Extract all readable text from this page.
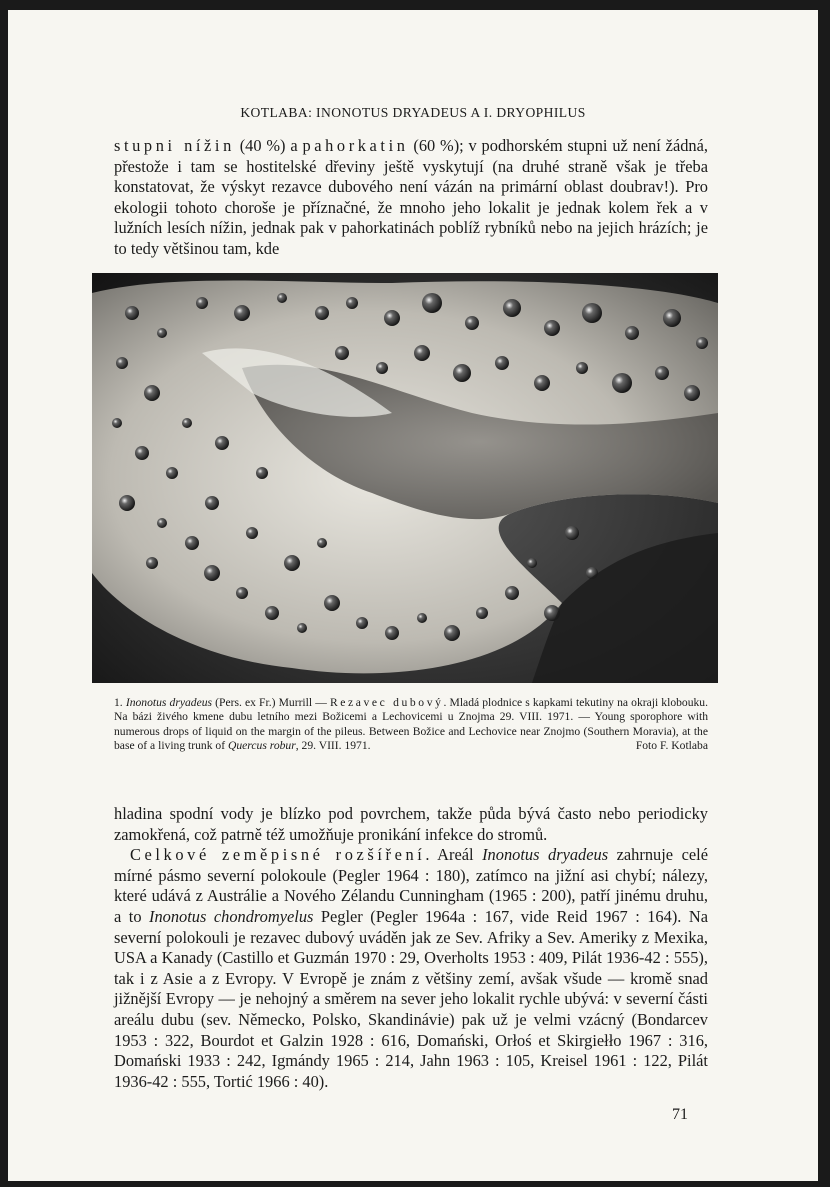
KOTLABA: INONOTUS DRYADEUS A I. DRYOPHILUS

stupni nížin (40 %) a pahorkatin (60 %); v podhorském stupni už není žádná, přestože i tam se hostitelské dřeviny ještě vyskytují (na druhé straně však je třeba konstatovat, že výskyt rezavce dubového není vázán na primární oblast doubrav!). Pro ekologii tohoto choroše je příznačné, že mnoho jeho lokalit je jednak kolem řek a v lužních lesích nížin, jednak pak v pahorkatinách poblíž rybníků nebo na jejich hrázích; je to tedy většinou tam, kde

1. Inonotus dryadeus (Pers. ex Fr.) Murrill — Rezavec dubový. Mladá plodnice s kapkami tekutiny na okraji klobouku. Na bázi živého kmene dubu letního mezi Božicemi a Lechovicemi u Znojma 29. VIII. 1971. — Young sporophore with numerous drops of liquid on the margin of the pileus. Between Božice and Lechovice near Znojmo (Southern Moravia), at the base of a living trunk of Quercus robur, 29. VIII. 1971.	Foto F. Kotlaba

hladina spodní vody je blízko pod povrchem, takže půda bývá často nebo periodicky zamokřená, což patrně též umožňuje pronikání infekce do stromů.

Celkové zeměpisné rozšíření. Areál Inonotus dryadeus zahrnuje celé mírné pásmo severní polokoule (Pegler 1964 : 180), zatímco na jižní asi chybí; nálezy, které udává z Austrálie a Nového Zélandu Cunningham (1965 : 200), patří jinému druhu, a to Inonotus chondromyelus Pegler (Pegler 1964a : 167, vide Reid 1967 : 164). Na severní polokouli je rezavec dubový uváděn jak ze Sev. Afriky a Sev. Ameriky z Mexika, USA a Kanady (Castillo et Guzmán 1970 : 29, Overholts 1953 : 409, Pilát 1936-42 : 555), tak i z Asie a z Evropy. V Evropě je znám z většiny zemí, avšak všude — kromě snad jižnější Evropy — je nehojný a směrem na sever jeho lokalit rychle ubývá: v severní části areálu dubu (sev. Německo, Polsko, Skandinávie) pak už je velmi vzácný (Bondarcev 1953 : 322, Bourdot et Galzin 1928 : 616, Domański, Orłoś et Skirgiełło 1967 : 316, Domański 1933 : 242, Igmándy 1965 : 214, Jahn 1963 : 105, Kreisel 1961 : 122, Pilát 1936-42 : 555, Tortić 1966 : 40).

71
